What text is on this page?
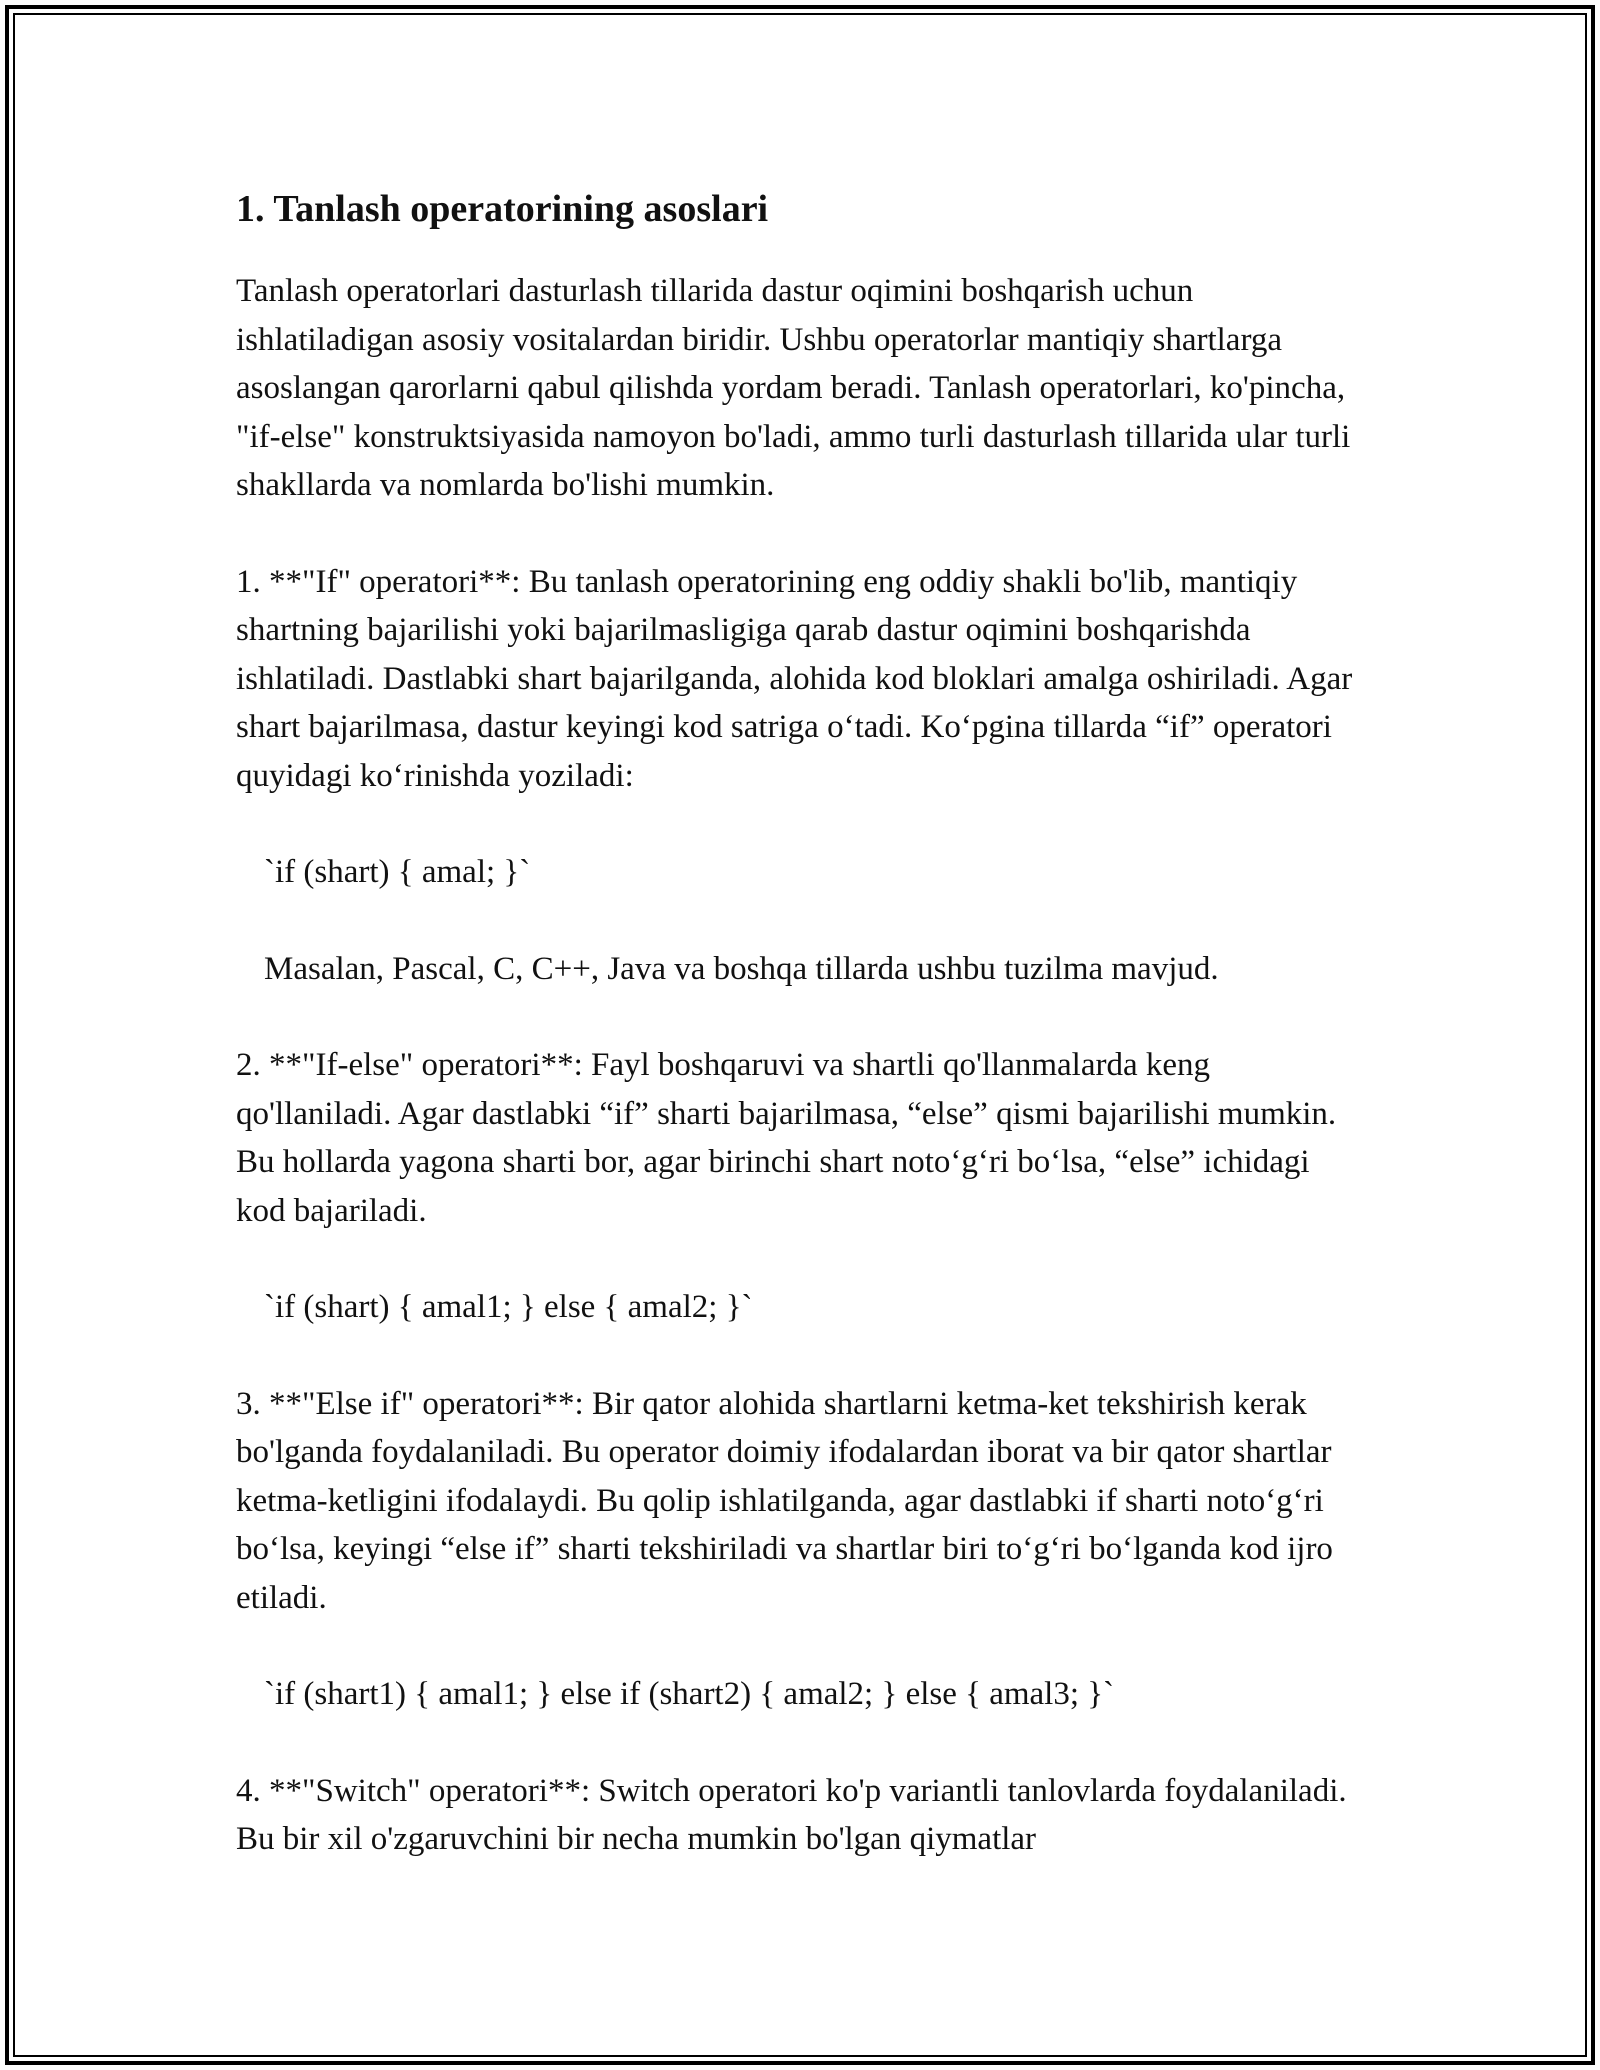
1. Tanlash operatorining asoslari

Tanlash operatorlari dasturlash tillarida dastur oqimini boshqarish uchun ishlatiladigan asosiy vositalardan biridir. Ushbu operatorlar mantiqiy shartlarga asoslangan qarorlarni qabul qilishda yordam beradi. Tanlash operatorlari, ko'pincha, "if-else" konstruktsiyasida namoyon bo'ladi, ammo turli dasturlash tillarida ular turli shakllarda va nomlarda bo'lishi mumkin.

1. **"If" operatori**: Bu tanlash operatorining eng oddiy shakli bo'lib, mantiqiy shartning bajarilishi yoki bajarilmasligiga qarab dastur oqimini boshqarishda ishlatiladi. Dastlabki shart bajarilganda, alohida kod bloklari amalga oshiriladi. Agar shart bajarilmasa, dastur keyingi kod satriga o‘tadi. Ko‘pgina tillarda “if” operatori quyidagi ko‘rinishda yoziladi:

`if (shart) { amal; }`

Masalan, Pascal, C, C++, Java va boshqa tillarda ushbu tuzilma mavjud.

2. **"If-else" operatori**: Fayl boshqaruvi va shartli qo'llanmalarda keng qo'llaniladi. Agar dastlabki “if” sharti bajarilmasa, “else” qismi bajarilishi mumkin. Bu hollarda yagona sharti bor, agar birinchi shart noto‘g‘ri bo‘lsa, “else” ichidagi kod bajariladi.

`if (shart) { amal1; } else { amal2; }`

3. **"Else if" operatori**: Bir qator alohida shartlarni ketma-ket tekshirish kerak bo'lganda foydalaniladi. Bu operator doimiy ifodalardan iborat va bir qator shartlar ketma-ketligini ifodalaydi. Bu qolip ishlatilganda, agar dastlabki if sharti noto‘g‘ri bo‘lsa, keyingi “else if” sharti tekshiriladi va shartlar biri to‘g‘ri bo‘lganda kod ijro etiladi.

`if (shart1) { amal1; } else if (shart2) { amal2; } else { amal3; }`

4. **"Switch" operatori**: Switch operatori ko'p variantli tanlovlarda foydalaniladi. Bu bir xil o'zgaruvchini bir necha mumkin bo'lgan qiymatlar
